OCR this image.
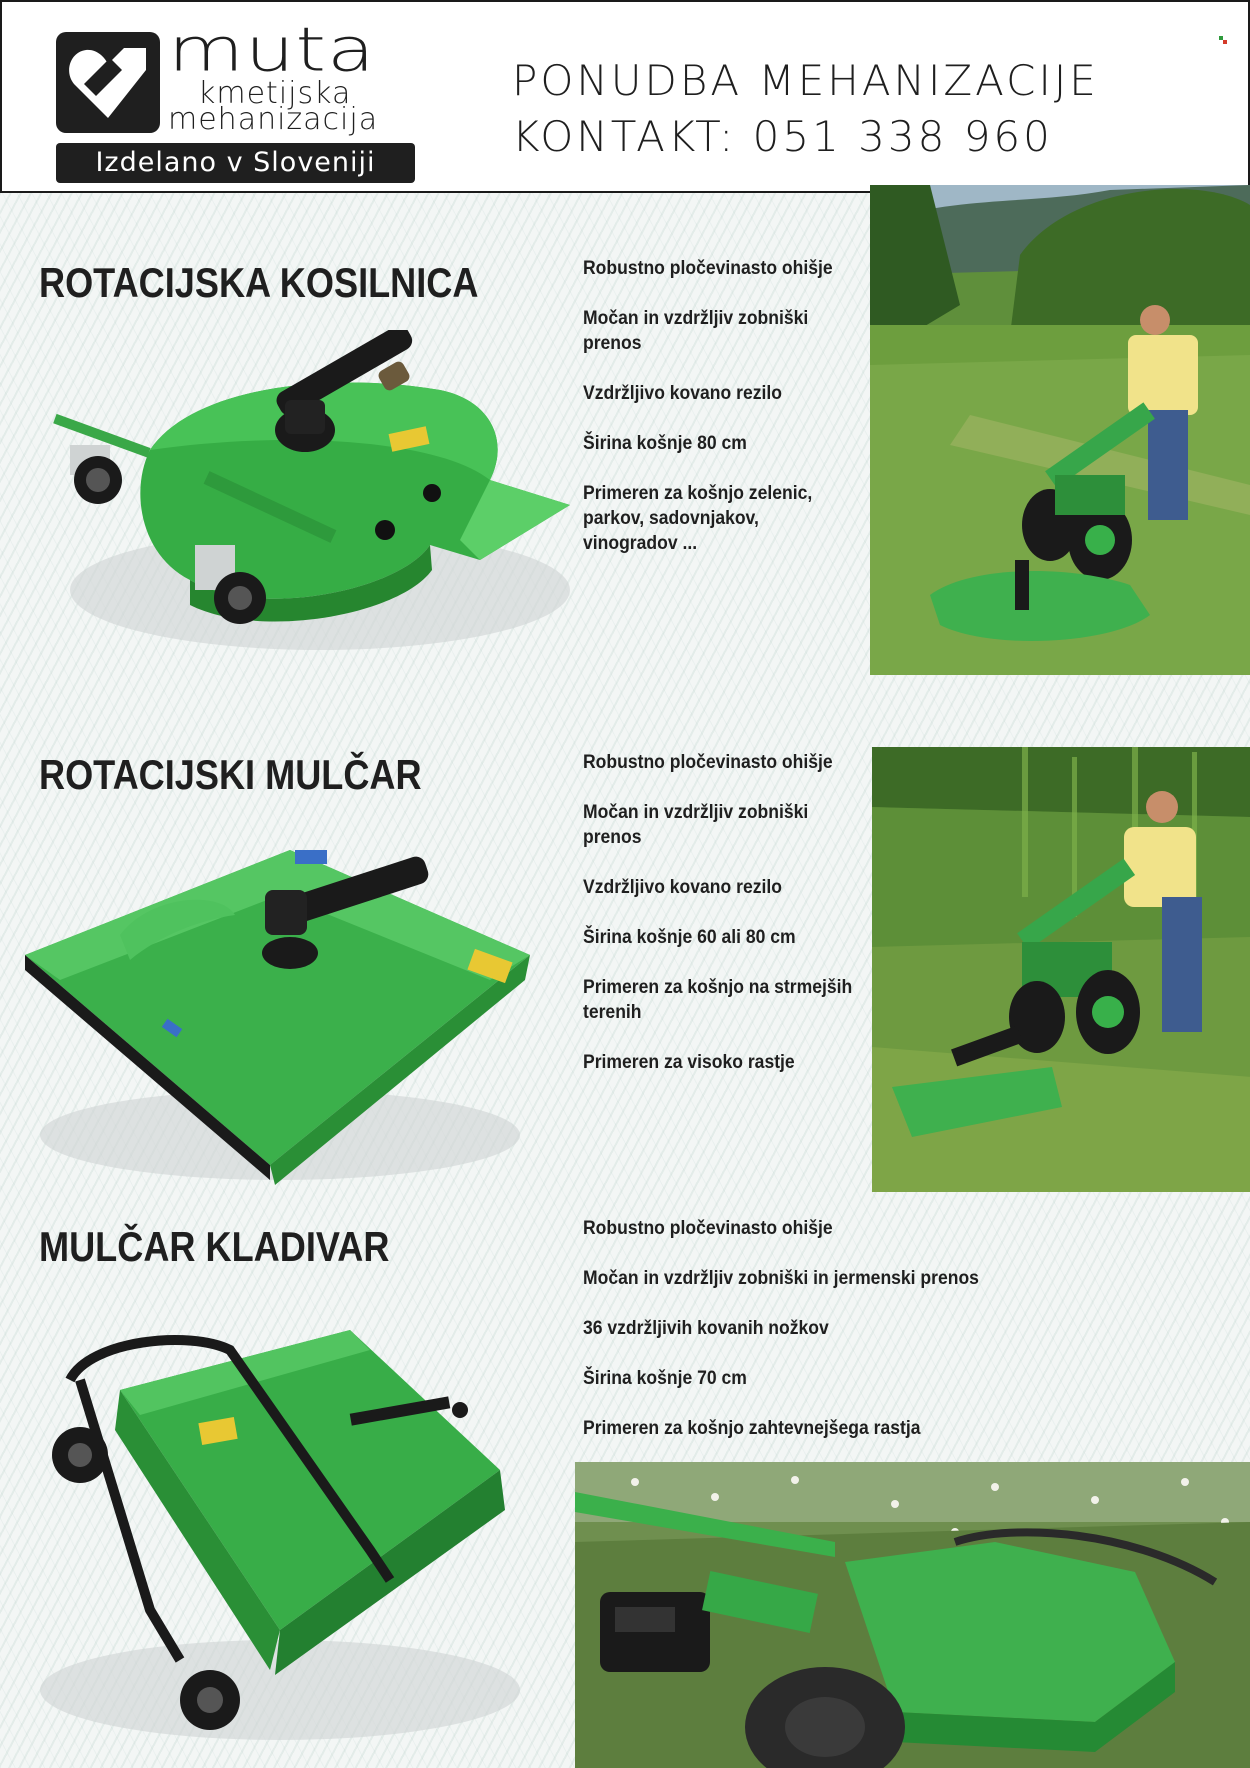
muta
kmetijska
mehanizacija
Izdelano v Sloveniji
PONUDBA MEHANIZACIJE
KONTAKT: 051 338 960
ROTACIJSKA KOSILNICA	Robustno pločevinasto ohišje
Močan in vzdržljiv zobniški
prenos
Vzdržljivo kovano rezilo
Širina košnje 80 cm
Primeren za košnjo zelenic,
parkov, sadovnjakov,
vinogradov ...
ROTACIJSKI MULČAR	Robustno pločevinasto ohišje
Močan in vzdržljiv zobniški
prenos
Vzdržljivo kovano rezilo
Širina košnje 60 ali 80 cm
Primeren za košnjo na strmejših
terenih
Primeren za visoko rastje
MULČAR KLADIVAR	Robustno pločevinasto ohišje
Močan in vzdržljiv zobniški in jermenski prenos
36 vzdržljivih kovanih nožkov
Širina košnje 70 cm
Primeren za košnjo zahtevnejšega rastja
